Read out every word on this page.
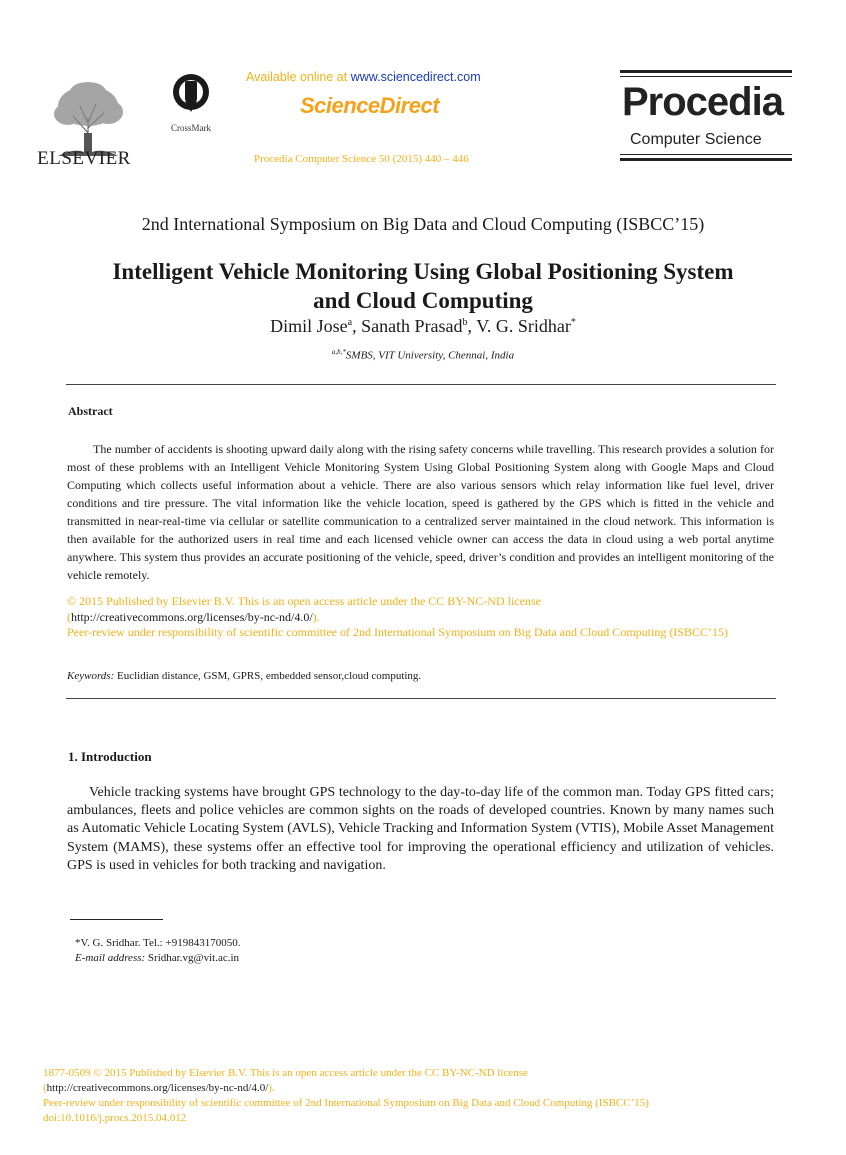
ELSEVIER
CrossMark
Available online at www.sciencedirect.com
ScienceDirect
Procedia Computer Science 50 (2015) 440 – 446
Procedia
Computer Science
2nd International Symposium on Big Data and Cloud Computing (ISBCC’15)
Intelligent Vehicle Monitoring Using Global Positioning System
and Cloud Computing
Dimil Jose$^a$, Sanath Prasad$^b$, V. G. Sridhar*
$^{a,b,*}$SMBS, VIT University, Chennai, India
Abstract
The number of accidents is shooting upward daily along with the rising safety concerns while travelling. This research provides a solution for most of these problems with an Intelligent Vehicle Monitoring System Using Global Positioning System along with Google Maps and Cloud Computing which collects useful information about a vehicle. There are also various sensors which relay information like fuel level, driver conditions and tire pressure. The vital information like the vehicle location, speed is gathered by the GPS which is fitted in the vehicle and transmitted in near-real-time via cellular or satellite communication to a centralized server maintained in the cloud network. This information is then available for the authorized users in real time and each licensed vehicle owner can access the data in cloud using a web portal anytime anywhere. This system thus provides an accurate positioning of the vehicle, speed, driver’s condition and provides an intelligent monitoring of the vehicle remotely.
© 2015 Published by Elsevier B.V. This is an open access article under the CC BY-NC-ND license
(http://creativecommons.org/licenses/by-nc-nd/4.0/).
Peer-review under responsibility of scientific committee of 2nd International Symposium on Big Data and Cloud Computing (ISBCC’15)
Keywords: Euclidian distance, GSM, GPRS, embedded sensor,cloud computing.
1. Introduction
Vehicle tracking systems have brought GPS technology to the day-to-day life of the common man. Today GPS fitted cars; ambulances, fleets and police vehicles are common sights on the roads of developed countries. Known by many names such as Automatic Vehicle Locating System (AVLS), Vehicle Tracking and Information System (VTIS), Mobile Asset Management System (MAMS), these systems offer an effective tool for improving the operational efficiency and utilization of vehicles. GPS is used in vehicles for both tracking and navigation.
*V. G. Sridhar. Tel.: +919843170050.
E-mail address: Sridhar.vg@vit.ac.in
1877-0509 © 2015 Published by Elsevier B.V. This is an open access article under the CC BY-NC-ND license
(http://creativecommons.org/licenses/by-nc-nd/4.0/).
Peer-review under responsibility of scientific committee of 2nd International Symposium on Big Data and Cloud Computing (ISBCC’15)
doi:10.1016/j.procs.2015.04.012
